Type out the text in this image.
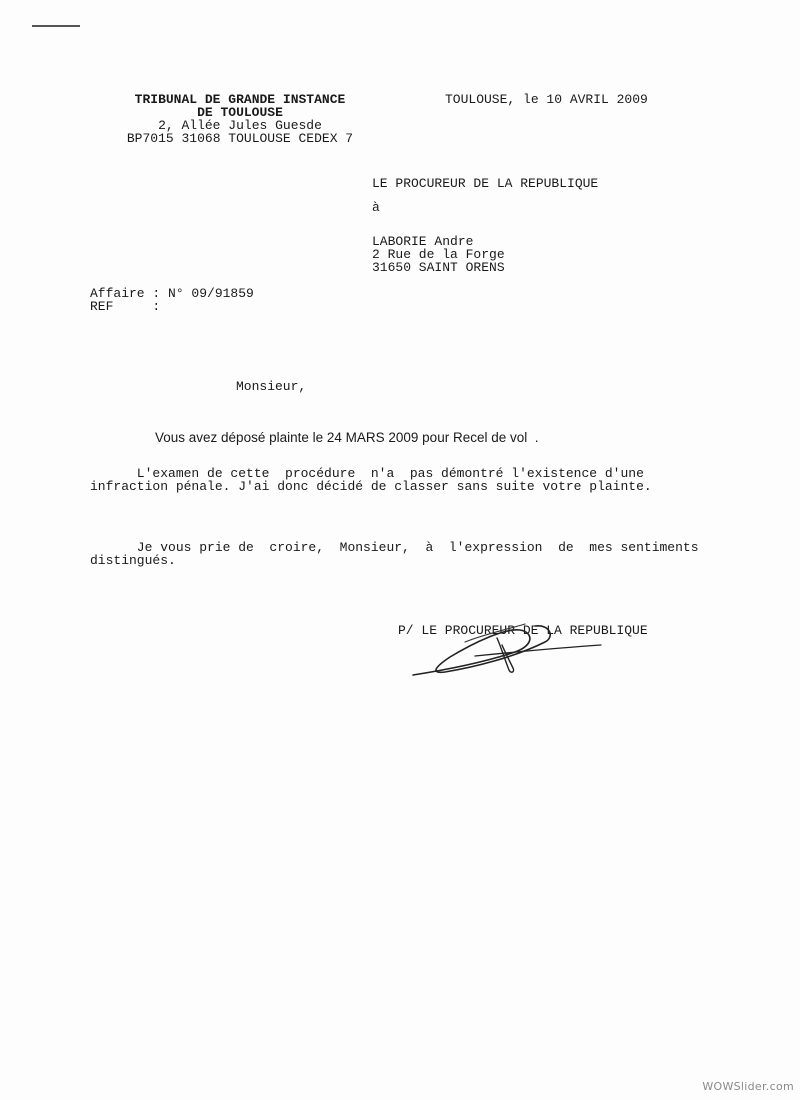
TRIBUNAL DE GRANDE INSTANCE
DE TOULOUSE
2, Allée Jules Guesde
BP7015 31068 TOULOUSE CEDEX 7
TOULOUSE, le 10 AVRIL 2009
LE PROCUREUR DE LA REPUBLIQUE
à
LABORIE Andre
2 Rue de la Forge
31650 SAINT ORENS
Affaire : N° 09/91859
REF     :
Monsieur,
Vous avez déposé plainte le 24 MARS 2009 pour Recel de vol  .
L'examen de cette  procédure  n'a  pas démontré l'existence d'une
infraction pénale. J'ai donc décidé de classer sans suite votre plainte.
Je vous prie de  croire,  Monsieur,  à  l'expression  de  mes sentiments
distingués.
P/ LE PROCUREUR DE LA REPUBLIQUE
WOWSlider.com
